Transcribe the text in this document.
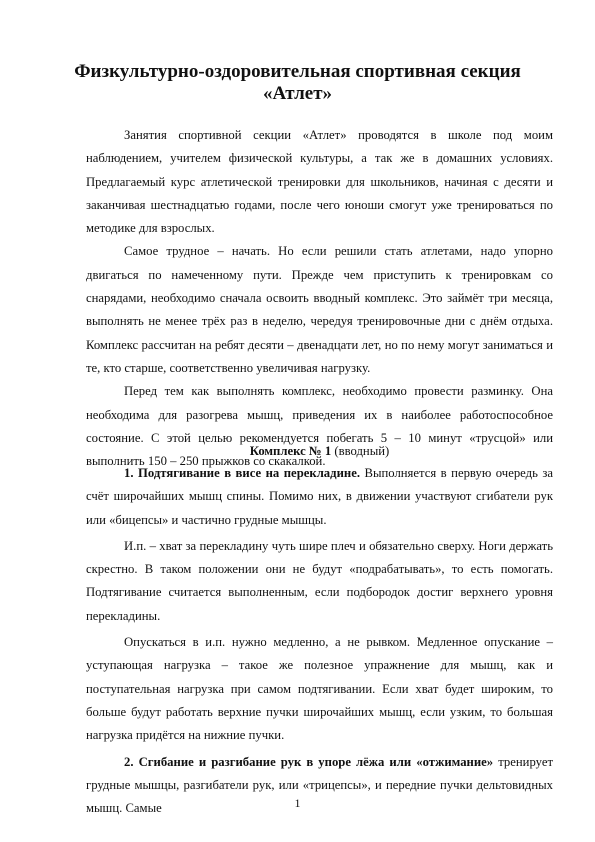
Физкультурно-оздоровительная спортивная секция
«Атлет»

Занятия спортивной секции «Атлет» проводятся в школе под моим наблюдением, учителем физической культуры, а так же в домашних условиях. Предлагаемый курс атлетической тренировки для школьников, начиная с десяти и заканчивая шестнадцатью годами, после чего юноши смогут уже тренироваться по методике для взрослых.

Самое трудное – начать. Но если решили стать атлетами, надо упорно двигаться по намеченному пути. Прежде чем приступить к тренировкам со снарядами, необходимо сначала освоить вводный комплекс. Это займёт три месяца, выполнять не менее трёх раз в неделю, чередуя тренировочные дни с днём отдыха. Комплекс рассчитан на ребят десяти – двенадцати лет, но по нему могут заниматься и те, кто старше, соответственно увеличивая нагрузку.

Перед тем как выполнять комплекс, необходимо провести разминку. Она необходима для разогрева мышц, приведения их в наиболее работоспособное состояние. С этой целью рекомендуется побегать 5 – 10 минут «трусцой» или выполнить 150 – 250 прыжков со скакалкой.

Комплекс № 1 (вводный)

1. Подтягивание в висе на перекладине. Выполняется в первую очередь за счёт широчайших мышц спины. Помимо них, в движении участвуют сгибатели рук или «бицепсы» и частично грудные мышцы.

И.п. – хват за перекладину чуть шире плеч и обязательно сверху. Ноги держать скрестно. В таком положении они не будут «подрабатывать», то есть помогать. Подтягивание считается выполненным, если подбородок достиг верхнего уровня перекладины.

Опускаться в и.п. нужно медленно, а не рывком. Медленное опускание – уступающая нагрузка – такое же полезное упражнение для мышц, как и поступательная нагрузка при самом подтягивании. Если хват будет широким, то больше будут работать верхние пучки широчайших мышц, если узким, то большая нагрузка придётся на нижние пучки.

2. Сгибание и разгибание рук в упоре лёжа или «отжимание» тренирует грудные мышцы, разгибатели рук, или «трицепсы», и передние пучки дельтовидных мышц. Самые	1
